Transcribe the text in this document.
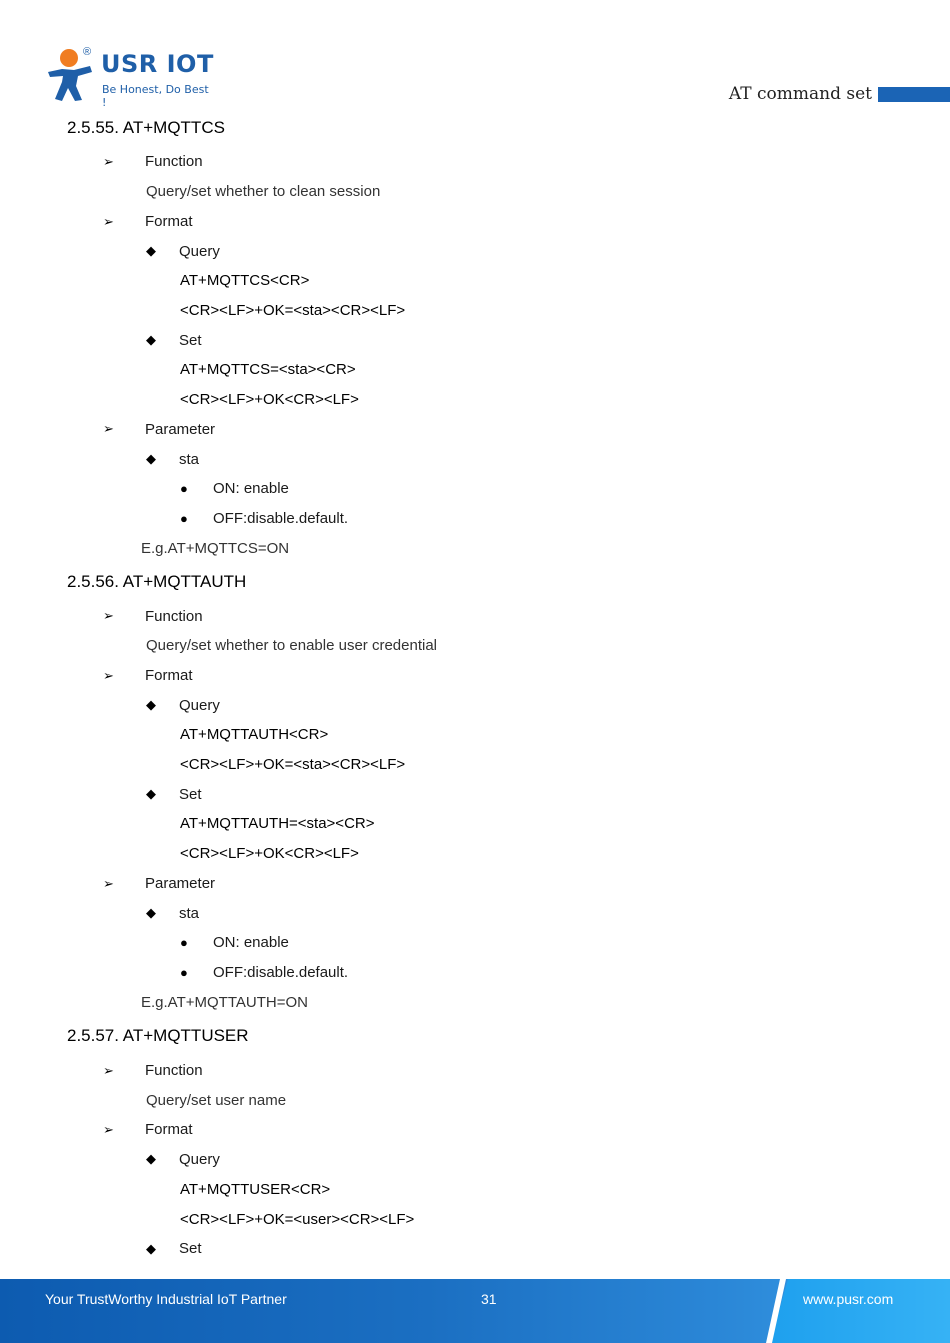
® USR IOT
Be Honest, Do Best !	AT command set
2.5.55. AT+MQTTCS
➢ Function
Query/set whether to clean session
➢ Format
◆ Query
AT+MQTTCS<CR>
<CR><LF>+OK=<sta><CR><LF>
◆ Set
AT+MQTTCS=<sta><CR>
<CR><LF>+OK<CR><LF>
➢ Parameter
◆ sta
● ON: enable
● OFF:disable.default.
E.g.AT+MQTTCS=ON
2.5.56. AT+MQTTAUTH
➢ Function
Query/set whether to enable user credential
➢ Format
◆ Query
AT+MQTTAUTH<CR>
<CR><LF>+OK=<sta><CR><LF>
◆ Set
AT+MQTTAUTH=<sta><CR>
<CR><LF>+OK<CR><LF>
➢ Parameter
◆ sta
● ON: enable
● OFF:disable.default.
E.g.AT+MQTTAUTH=ON
2.5.57. AT+MQTTUSER
➢ Function
Query/set user name
➢ Format
◆ Query
AT+MQTTUSER<CR>
<CR><LF>+OK=<user><CR><LF>
◆ Set
Your TrustWorthy Industrial IoT Partner	31	www.pusr.com
